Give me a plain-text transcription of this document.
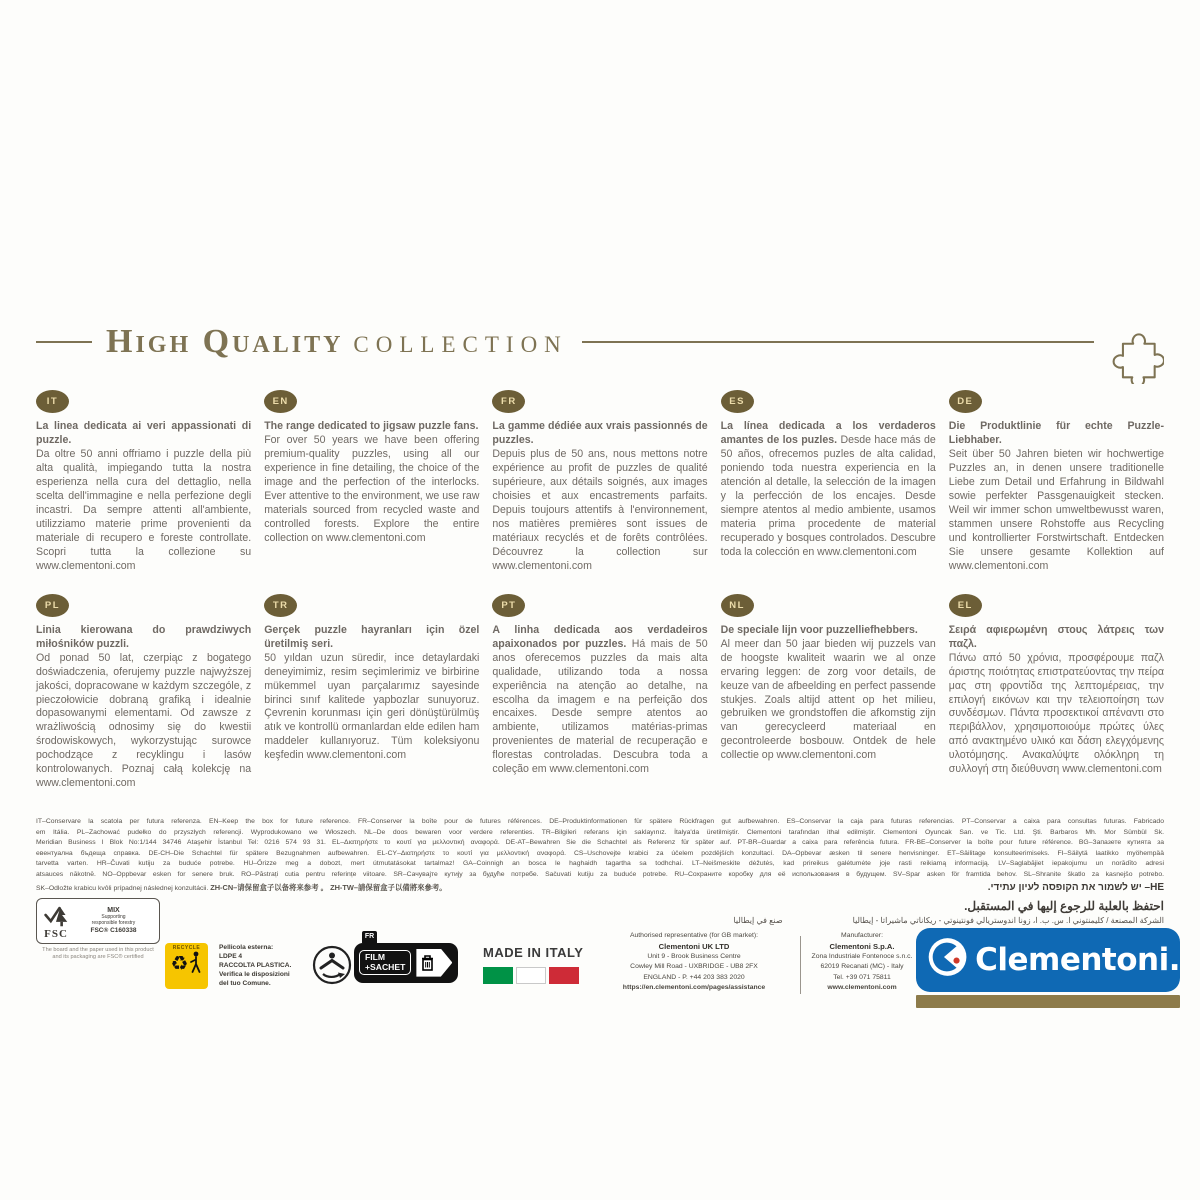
High Quality COLLECTION
IT

La linea dedicata ai veri appassionati di puzzle.
Da oltre 50 anni offriamo i puzzle della più alta qualità, impiegando tutta la nostra esperienza nella cura del dettaglio, nella scelta dell'immagine e nella perfezione degli incastri. Da sempre attenti all'ambiente, utilizziamo materie prime provenienti da materiale di recupero e foreste controllate. Scopri tutta la collezione su www.clementoni.com

EN

The range dedicated to jigsaw puzzle fans.
For over 50 years we have been offering premium-quality puzzles, using all our experience in fine detailing, the choice of the image and the perfection of the interlocks. Ever attentive to the environment, we use raw materials sourced from recycled waste and controlled forests. Explore the entire collection on www.clementoni.com

FR

La gamme dédiée aux vrais passionnés de puzzles.
Depuis plus de 50 ans, nous mettons notre expérience au profit de puzzles de qualité supérieure, aux détails soignés, aux images choisies et aux encastrements parfaits. Depuis toujours attentifs à l'environnement, nos matières premières sont issues de matériaux recyclés et de forêts contrôlées. Découvrez la collection sur www.clementoni.com

ES

La línea dedicada a los verdaderos amantes de los puzles. Desde hace más de 50 años, ofrecemos puzles de alta calidad, poniendo toda nuestra experiencia en la atención al detalle, la selección de la imagen y la perfección de los encajes. Desde siempre atentos al medio ambiente, usamos materia prima procedente de material recuperado y bosques controlados. Descubre toda la colección en www.clementoni.com

DE

Die Produktlinie für echte Puzzle- Liebhaber.
Seit über 50 Jahren bieten wir hochwertige Puzzles an, in denen unsere traditionelle Liebe zum Detail und Erfahrung in Bildwahl sowie perfekter Passgenauigkeit stecken. Weil wir immer schon umweltbewusst waren, stammen unsere Rohstoffe aus Recycling und kontrollierter Forstwirtschaft. Entdecken Sie unsere gesamte Kollektion auf www.clementoni.com

PL

Linia kierowana do prawdziwych miłośników puzzli.
Od ponad 50 lat, czerpiąc z bogatego doświadczenia, oferujemy puzzle najwyższej jakości, dopracowane w każdym szczególe, z pieczołowicie dobraną grafiką i idealnie dopasowanymi elementami. Od zawsze z wrażliwością odnosimy się do kwestii środowiskowych, wykorzystując surowce pochodzące z recyklingu i lasów kontrolowanych. Poznaj całą kolekcję na www.clementoni.com

TR

Gerçek puzzle hayranları için özel üretilmiş seri.
50 yıldan uzun süredir, ince detaylardaki deneyimimiz, resim seçimlerimiz ve birbirine mükemmel uyan parçalarımız sayesinde birinci sınıf kalitede yapbozlar sunuyoruz. Çevrenin korunması için geri dönüştürülmüş atık ve kontrollü ormanlardan elde edilen ham maddeler kullanıyoruz. Tüm koleksiyonu keşfedin www.clementoni.com

PT

A linha dedicada aos verdadeiros apaixonados por puzzles. Há mais de 50 anos oferecemos puzzles da mais alta qualidade, utilizando toda a nossa experiência na atenção ao detalhe, na escolha da imagem e na perfeição dos encaixes. Desde sempre atentos ao ambiente, utilizamos matérias-primas provenientes de material de recuperação e florestas controladas. Descubra toda a coleção em www.clementoni.com

NL

De speciale lijn voor puzzelliefhebbers.
Al meer dan 50 jaar bieden wij puzzels van de hoogste kwaliteit waarin we al onze ervaring leggen: de zorg voor details, de keuze van de afbeelding en perfect passende stukjes. Zoals altijd attent op het milieu, gebruiken we grondstoffen die afkomstig zijn van gerecycleerd materiaal en gecontroleerde bosbouw. Ontdek de hele collectie op www.clementoni.com

EL

Σειρά αφιερωμένη στους λάτρεις των παζλ.
Πάνω από 50 χρόνια, προσφέρουμε παζλ άριστης ποιότητας επιστρατεύοντας την πείρα μας στη φροντίδα της λεπτομέρειας, την επιλογή εικόνων και την τελειοποίηση των συνδέσμων. Πάντα προσεκτικοί απέναντι στο περιβάλλον, χρησιμοποιούμε πρώτες ύλες από ανακτημένο υλικό και δάση ελεγχόμενης υλοτόμησης. Ανακαλύψτε ολόκληρη τη συλλογή στη διεύθυνση www.clementoni.com

IT–Conservare la scatola per futura referenza. EN–Keep the box for future reference. FR–Conserver la boîte pour de futures références. DE–Produktinformationen für spätere Rückfragen gut aufbewahren. ES–Conservar la caja para futuras referencias. PT–Conservar a caixa para consultas futuras. Fabricado
em Itália. PL–Zachować pudełko do przyszłych referencji. Wyprodukowano we Włoszech. NL–De doos bewaren voor verdere referenties. TR–Bilgileri referans için saklayınız. İtalya'da üretilmiştir. Clementoni tarafından ithal edilmiştir. Clementoni Oyuncak San. ve Tic. Ltd. Şti. Barbaros Mh. Mor Sümbül Sk.
Meridian Business I Blok No:1/144 34746 Ataşehir İstanbul Tel: 0216 574 93 31. EL–Διατηρήστε το κουτί για μελλοντική αναφορά. DE-AT–Bewahren Sie die Schachtel als Referenz für später auf. PT-BR–Guardar a caixa para referência futura. FR-BE–Conserver la boîte pour future référence. BG–Запазете кутията за
евентуална бъдеща справка. DE-CH–Die Schachtel für spätere Bezugnahmen aufbewahren. EL-CY–Διατηρήστε το κουτί για μελλοντική αναφορά. CS–Uschovejte krabici za účelem pozdějších konzultací. DA–Opbevar æsken til senere henvisninger. ET–Säilitage konsulteerimiseks. FI–Säilytä laatikko myöhempää
tarvetta varten. HR–Čuvati kutiju za buduće potrebe. HU–Őrizze meg a dobozt, mert útmutatásokat tartalmaz! GA–Coinnigh an bosca le haghaidh tagartha sa todhchaí. LT–Neišmeskite dėžutės, kad prireikus galėtumėte joje rasti reikiamą informaciją. LV–Saglabājiet iepakojumu un norādīto adresi
atsauces nākotnē. NO–Oppbevar esken for senere bruk. RO–Păstrați cutia pentru referințe viitoare. SR–Сачувајте кутију за будуће потребе. Sačuvati kutiju za buduće potrebe. RU–Сохраните коробку для её использования в будущем. SV–Spar asken för framtida behov. SL–Shranite škatlo za kasnejšo potrebo.
SK–Odložte krabicu kvôli prípadnej následnej konzultácii. ZH-CN–请保留盒子以备将来参考 。 ZH-TW–請保留盒子以備將來參考。	HE– יש לשמור את הקופסה לעיון עתידי.
احتفظ بالعلبة للرجوع إليها في المستقبل.
الشركة المصنعة / كليمنتوني ا. س. ب. ا، زونا اندوستريالي فونتينوتي - ريكاناتي ماشيراتا - إيطاليا
صنع في إيطاليا
FSC
MIX
Supporting
responsible forestry
FSC® C160338
The board and the paper used in this product
and its packaging are FSC® certified
RECYCLE
♻
Pellicola esterna:
LDPE 4
RACCOLTA PLASTICA.
Verifica le disposizioni
del tuo Comune.
FR
FILM
+SACHET
MADE IN ITALY
Authorised representative (for GB market):
Clementoni UK LTD
Unit 9 - Brook Business Centre
Cowley Mill Road - UXBRIDGE - UB8 2FX
ENGLAND - P. +44 203 383 2020
https://en.clementoni.com/pages/assistance
Manufacturer:
Clementoni S.p.A.
Zona Industriale Fontenoce s.n.c.
62019 Recanati (MC) - Italy
Tel. +39 071 75811
www.clementoni.com
Clementoni.
